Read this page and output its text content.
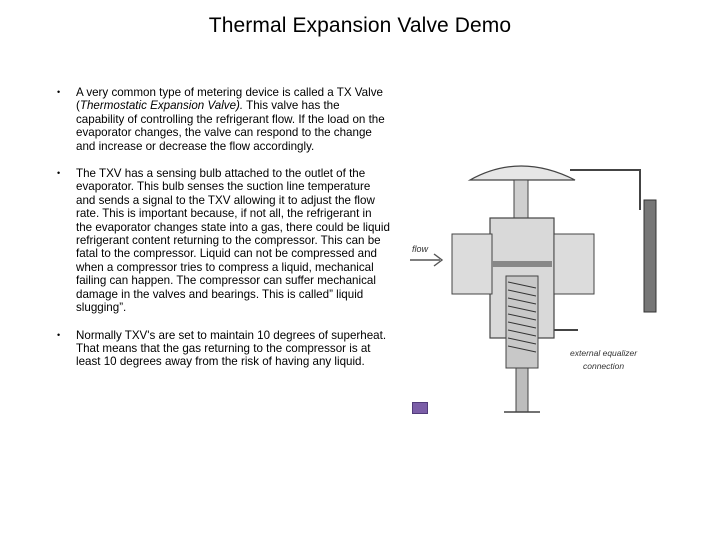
Thermal Expansion Valve Demo
• A very common type of metering device is called a TX Valve (Thermostatic Expansion Valve). This valve has the capability of controlling the refrigerant flow. If the load on the evaporator changes, the valve can respond to the change and increase or decrease the flow accordingly.
• The TXV has a sensing bulb attached to the outlet of the evaporator. This bulb senses the suction line temperature and sends a signal to the TXV allowing it to adjust the flow rate. This is important because, if not all, the refrigerant in the evaporator changes state into a gas, there could be liquid refrigerant content returning to the compressor. This can be fatal to the compressor. Liquid can not be compressed and when a compressor tries to compress a liquid, mechanical failing can happen. The compressor can suffer mechanical damage in the valves and bearings. This is called” liquid slugging”.
• Normally TXV's are set to maintain 10 degrees of superheat. That means that the gas returning to the compressor is at least 10 degrees away from the risk of having any liquid.
flow
external equalizer
connection
